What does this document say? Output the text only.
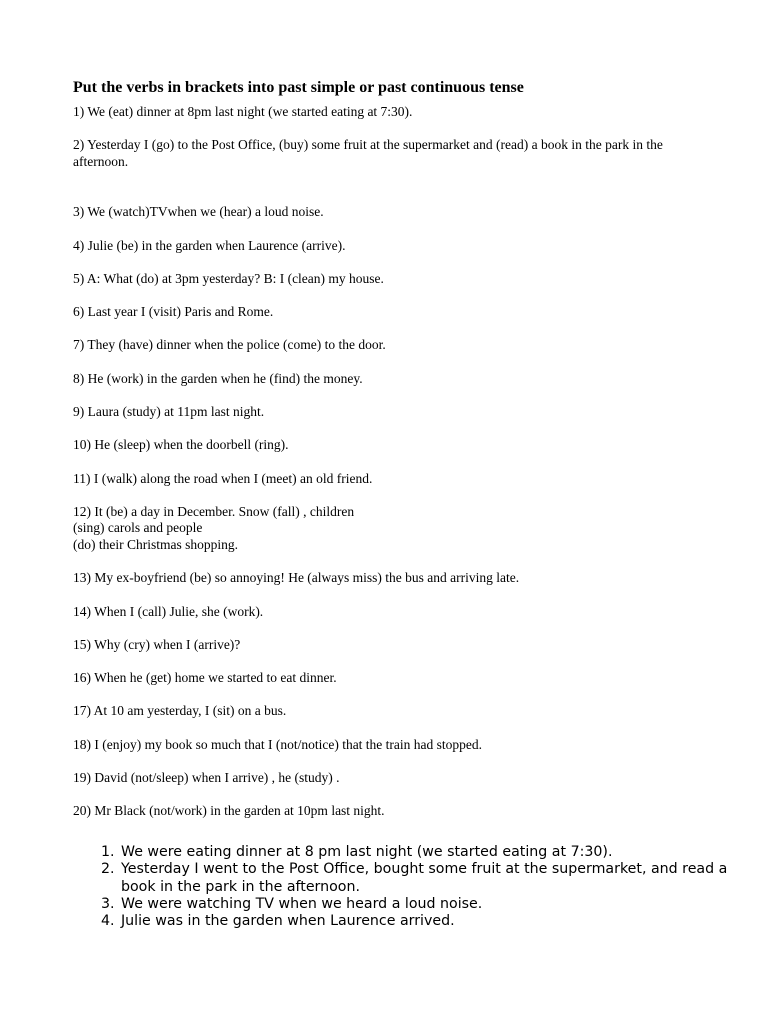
Put the verbs in brackets into past simple or past continuous tense

1) We (eat) dinner at 8pm last night (we started eating at 7:30).

2) Yesterday I (go) to the Post Office, (buy) some fruit at the supermarket and (read) a book in the park in the afternoon.

3) We (watch)TVwhen we (hear) a loud noise.

4) Julie (be) in the garden when Laurence (arrive).

5) A: What (do) at 3pm yesterday? B: I (clean) my house.

6) Last year I (visit) Paris and Rome.

7) They (have) dinner when the police (come) to the door.

8) He (work) in the garden when he (find) the money.

9) Laura (study) at 11pm last night.

10) He (sleep) when the doorbell (ring).

11) I (walk) along the road when I (meet) an old friend.

12) It (be) a day in December. Snow (fall) , children
(sing) carols and people
(do) their Christmas shopping.

13) My ex-boyfriend (be) so annoying! He (always miss) the bus and arriving late.

14) When I (call) Julie, she (work).

15) Why (cry) when I (arrive)?

16) When he (get) home we started to eat dinner.

17) At 10 am yesterday, I (sit) on a bus.

18) I (enjoy) my book so much that I (not/notice) that the train had stopped.

19) David (not/sleep) when I arrive) , he (study) .

20) Mr Black (not/work) in the garden at 10pm last night.

1. We were eating dinner at 8 pm last night (we started eating at 7:30).
2. Yesterday I went to the Post Office, bought some fruit at the supermarket, and read a book in the park in the afternoon.
3. We were watching TV when we heard a loud noise.
4. Julie was in the garden when Laurence arrived.
